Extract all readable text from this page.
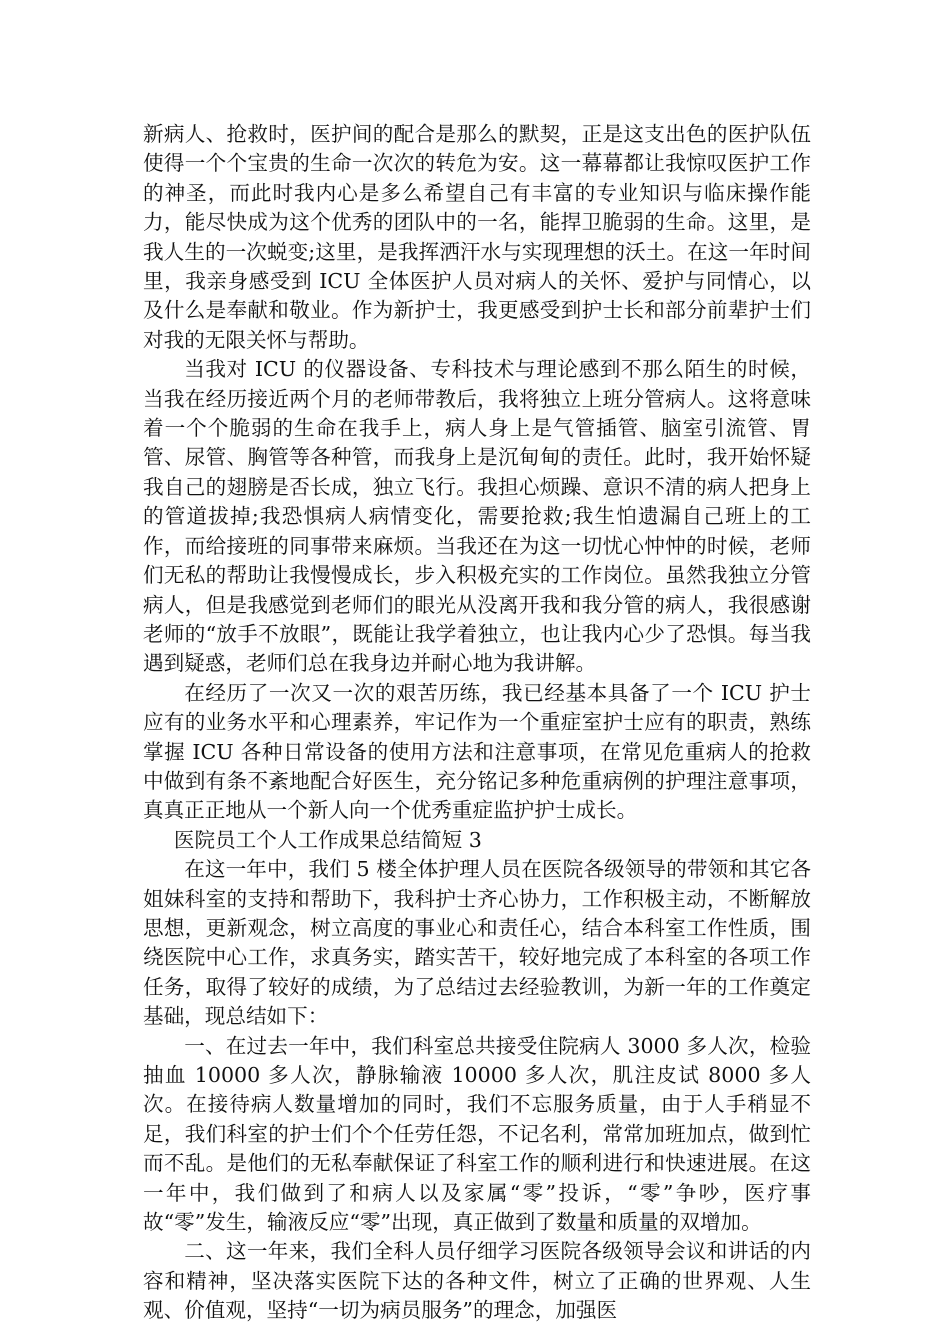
新病人、抢救时，医护间的配合是那么的默契，正是这支出色的医护队伍使得一个个宝贵的生命一次次的转危为安。这一幕幕都让我惊叹医护工作的神圣，而此时我内心是多么希望自己有丰富的专业知识与临床操作能力，能尽快成为这个优秀的团队中的一名，能捍卫脆弱的生命。这里，是我人生的一次蜕变;这里，是我挥洒汗水与实现理想的沃土。在这一年时间里，我亲身感受到 ICU 全体医护人员对病人的关怀、爱护与同情心，以及什么是奉献和敬业。作为新护士，我更感受到护士长和部分前辈护士们对我的无限关怀与帮助。

当我对 ICU 的仪器设备、专科技术与理论感到不那么陌生的时候，当我在经历接近两个月的老师带教后，我将独立上班分管病人。这将意味着一个个脆弱的生命在我手上，病人身上是气管插管、脑室引流管、胃管、尿管、胸管等各种管，而我身上是沉甸甸的责任。此时，我开始怀疑我自己的翅膀是否长成，独立飞行。我担心烦躁、意识不清的病人把身上的管道拔掉;我恐惧病人病情变化，需要抢救;我生怕遗漏自己班上的工作，而给接班的同事带来麻烦。当我还在为这一切忧心忡忡的时候，老师们无私的帮助让我慢慢成长，步入积极充实的工作岗位。虽然我独立分管病人，但是我感觉到老师们的眼光从没离开我和我分管的病人，我很感谢老师的“放手不放眼”，既能让我学着独立，也让我内心少了恐惧。每当我遇到疑惑，老师们总在我身边并耐心地为我讲解。

在经历了一次又一次的艰苦历练，我已经基本具备了一个 ICU 护士应有的业务水平和心理素养，牢记作为一个重症室护士应有的职责，熟练掌握 ICU 各种日常设备的使用方法和注意事项，在常见危重病人的抢救中做到有条不紊地配合好医生，充分铭记多种危重病例的护理注意事项，真真正正地从一个新人向一个优秀重症监护护士成长。

医院员工个人工作成果总结简短 3

在这一年中，我们 5 楼全体护理人员在医院各级领导的带领和其它各姐妹科室的支持和帮助下，我科护士齐心协力，工作积极主动，不断解放思想，更新观念，树立高度的事业心和责任心，结合本科室工作性质，围绕医院中心工作，求真务实，踏实苦干，较好地完成了本科室的各项工作任务，取得了较好的成绩，为了总结过去经验教训，为新一年的工作奠定基础，现总结如下：

一、在过去一年中，我们科室总共接受住院病人 3000 多人次，检验抽血 10000 多人次，静脉输液 10000 多人次，肌注皮试 8000 多人次。在接待病人数量增加的同时，我们不忘服务质量，由于人手稍显不足，我们科室的护士们个个任劳任怨，不记名利，常常加班加点，做到忙而不乱。是他们的无私奉献保证了科室工作的顺利进行和快速进展。在这一年中，我们做到了和病人以及家属“零”投诉，“零”争吵，医疗事故“零”发生，输液反应“零”出现，真正做到了数量和质量的双增加。

二、这一年来，我们全科人员仔细学习医院各级领导会议和讲话的内容和精神，坚决落实医院下达的各种文件，树立了正确的世界观、人生观、价值观，坚持“一切为病员服务”的理念，加强医
